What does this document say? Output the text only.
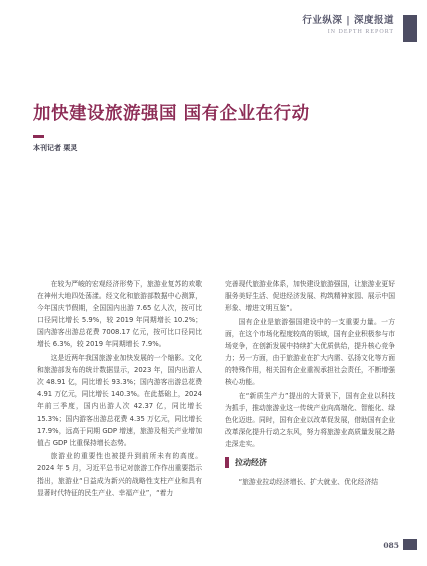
行业纵深 | 深度报道
IN DEPTH REPORT
加快建设旅游强国 国有企业在行动
本刊记者 栗灵

在较为严峻的宏观经济形势下，旅游业复苏的欢歌在神州大地四处荡漾。经文化和旅游部数据中心测算，今年国庆节假期，全国国内出游 7.65 亿人次，按可比口径同比增长 5.9%，较 2019 年同期增长 10.2%；国内游客出游总花费 7008.17 亿元，按可比口径同比增长 6.3%，较 2019 年同期增长 7.9%。

这是近两年我国旅游业加快发展的一个缩影。文化和旅游部发布的统计数据显示，2023 年，国内出游人次 48.91 亿，同比增长 93.3%；国内游客出游总花费 4.91 万亿元，同比增长 140.3%。在此基础上，2024 年前三季度，国内出游人次 42.37 亿，同比增长 15.3%；国内游客出游总花费 4.35 万亿元，同比增长 17.9%，远高于同期 GDP 增速，旅游及相关产业增加值占 GDP 比重保持增长态势。

旅游业的重要性也被提升到前所未有的高度。2024 年 5 月，习近平总书记对旅游工作作出重要指示指出，旅游业“日益成为新兴的战略性支柱产业和具有显著时代特征的民生产业、幸福产业”，“着力

完善现代旅游业体系，加快建设旅游强国，让旅游业更好服务美好生活、促进经济发展、构筑精神家园、展示中国形象、增进文明互鉴”。

国有企业是旅游强国建设中的一支重要力量。一方面，在这个市场化程度较高的领域，国有企业积极参与市场竞争，在创新发展中持续扩大优质供给，提升核心竞争力；另一方面，由于旅游业在扩大内需、弘扬文化等方面的特殊作用，相关国有企业重视承担社会责任，不断增强核心功能。

在“新质生产力”提出的大背景下，国有企业以科技为抓手，推动旅游业这一传统产业向高端化、智能化、绿色化迈进。同时，国有企业以改革促发展，借助国有企业改革深化提升行动之东风，努力将旅游业高质量发展之路走深走实。

拉动经济

“旅游业拉动经济增长、扩大就业、优化经济结

085
